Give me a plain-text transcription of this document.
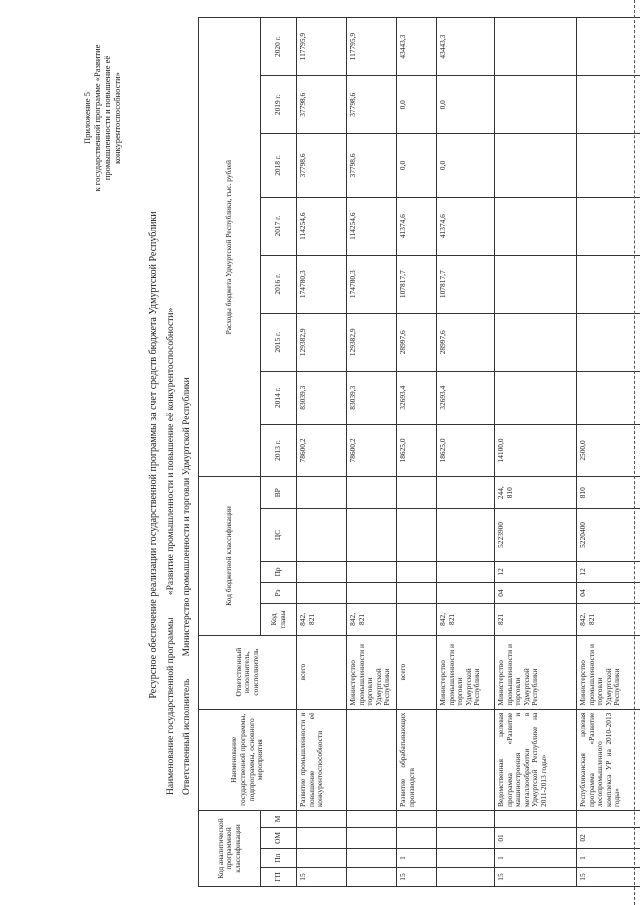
Приложение 5 к государственной программе «Развитие промышленности и повышение её конкурентоспособности»
Ресурсное обеспечение реализации государственной программы за счет средств бюджета Удмуртской Республики
Наименование государственной программы «Развитие промышленности и повышение её конкурентоспособности»
Ответственный исполнитель Министерство промышленности и торговли Удмуртской Республики
Код аналитической программной классификации				Наименование государственной программы, подпрограммы, основного мероприятия	Ответственный исполнитель, соисполнитель	Код бюджетной классификации					Расходы бюджета Удмуртской Республики, тыс. рублей							
ГП	Пп	ОМ	М			Код главы	Рз	Пр	ЦС	ВР	2013 г.	2014 г.	2015 г.	2016 г.	2017 г.	2018 г.	2019 г.	2020 г.
15				Развитие промышленности и повышение её конкурентоспособности	всего	842, 821					78600,2	83039,3	129382,9	174780,3	114254,6	37798,6	37798,6	117795,9
					Министерство промышленности и торговли Удмуртской Республики	842, 821					78600,2	83039,3	129382,9	174780,3	114254,6	37798,6	37798,6	117795,9
15	1			Развитие обрабатывающих производств	всего						18625,0	32693,4	28997,6	107817,7	41374,6	0,0	0,0	43443,3
					Министерство промышленности и торговли Удмуртской Республики	842, 821					18625,0	32693,4	28997,6	107817,7	41374,6	0,0	0,0	43443,3
15	1	01		Ведомственная целевая программа «Развитие машиностроения и металлообработки в Удмуртской Республике на 2011-2013 годы»	Министерство промышленности и торговли Удмуртской Республики	821	04	12	5223900	244, 810	14100,0							
15	1	02		Республиканская целевая программа «Развитие лесопромышленного комплекса УР на 2010-2013 годы»	Министерство промышленности и торговли Удмуртской Республики	842, 821	04	12	5220400	810	2500,0							
